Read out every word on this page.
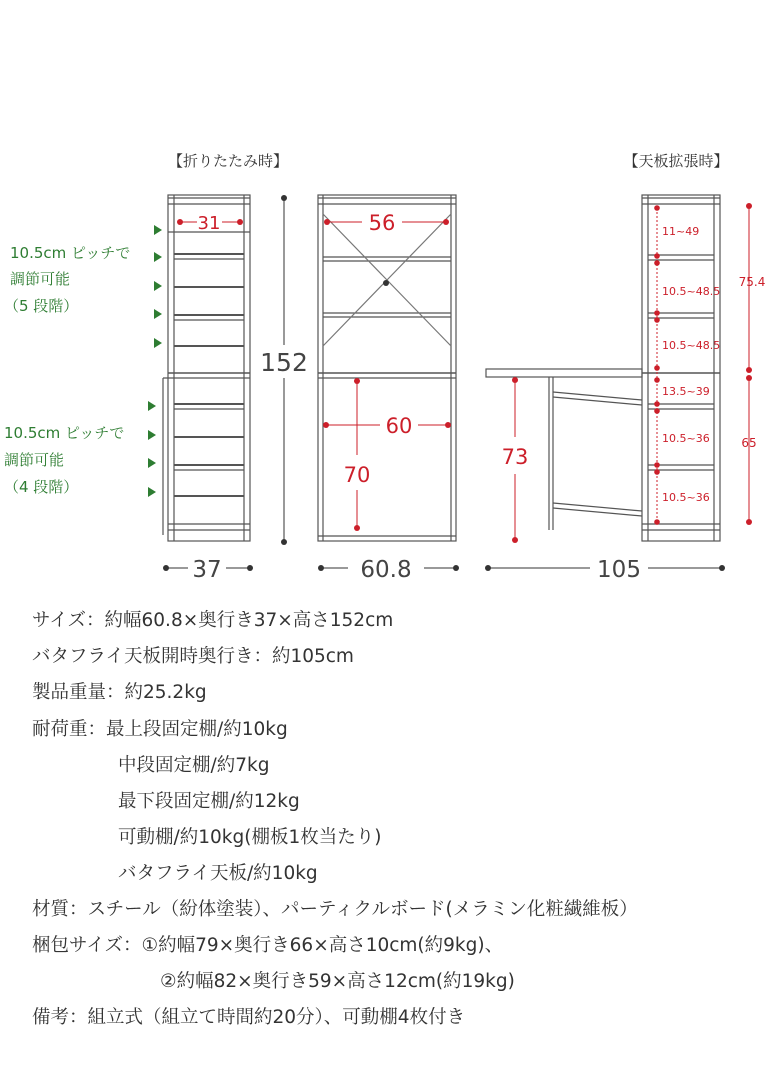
【折りたたみ時】	【天板拡張時】
31
10.5cm ピッチで
調節可能
（5 段階）
10.5cm ピッチで
調節可能
（4 段階）
37
152
56
60
70
60.8
73
105
11~49
10.5~48.5
10.5~48.5
13.5~39
10.5~36
10.5~36
75.4
65
サイズ：約幅60.8×奥行き37×高さ152cm
バタフライ天板開時奥行き：約105cm
製品重量：約25.2kg
耐荷重：最上段固定棚/約10kg
中段固定棚/約7kg
最下段固定棚/約12kg
可動棚/約10kg(棚板1枚当たり)
バタフライ天板/約10kg
材質：スチール（紛体塗装）、パーティクルボード(メラミン化粧繊維板）
梱包サイズ：①約幅79×奥行き66×高さ10cm(約9kg)、
②約幅82×奥行き59×高さ12cm(約19kg)
備考：組立式（組立て時間約20分）、可動棚4枚付き
